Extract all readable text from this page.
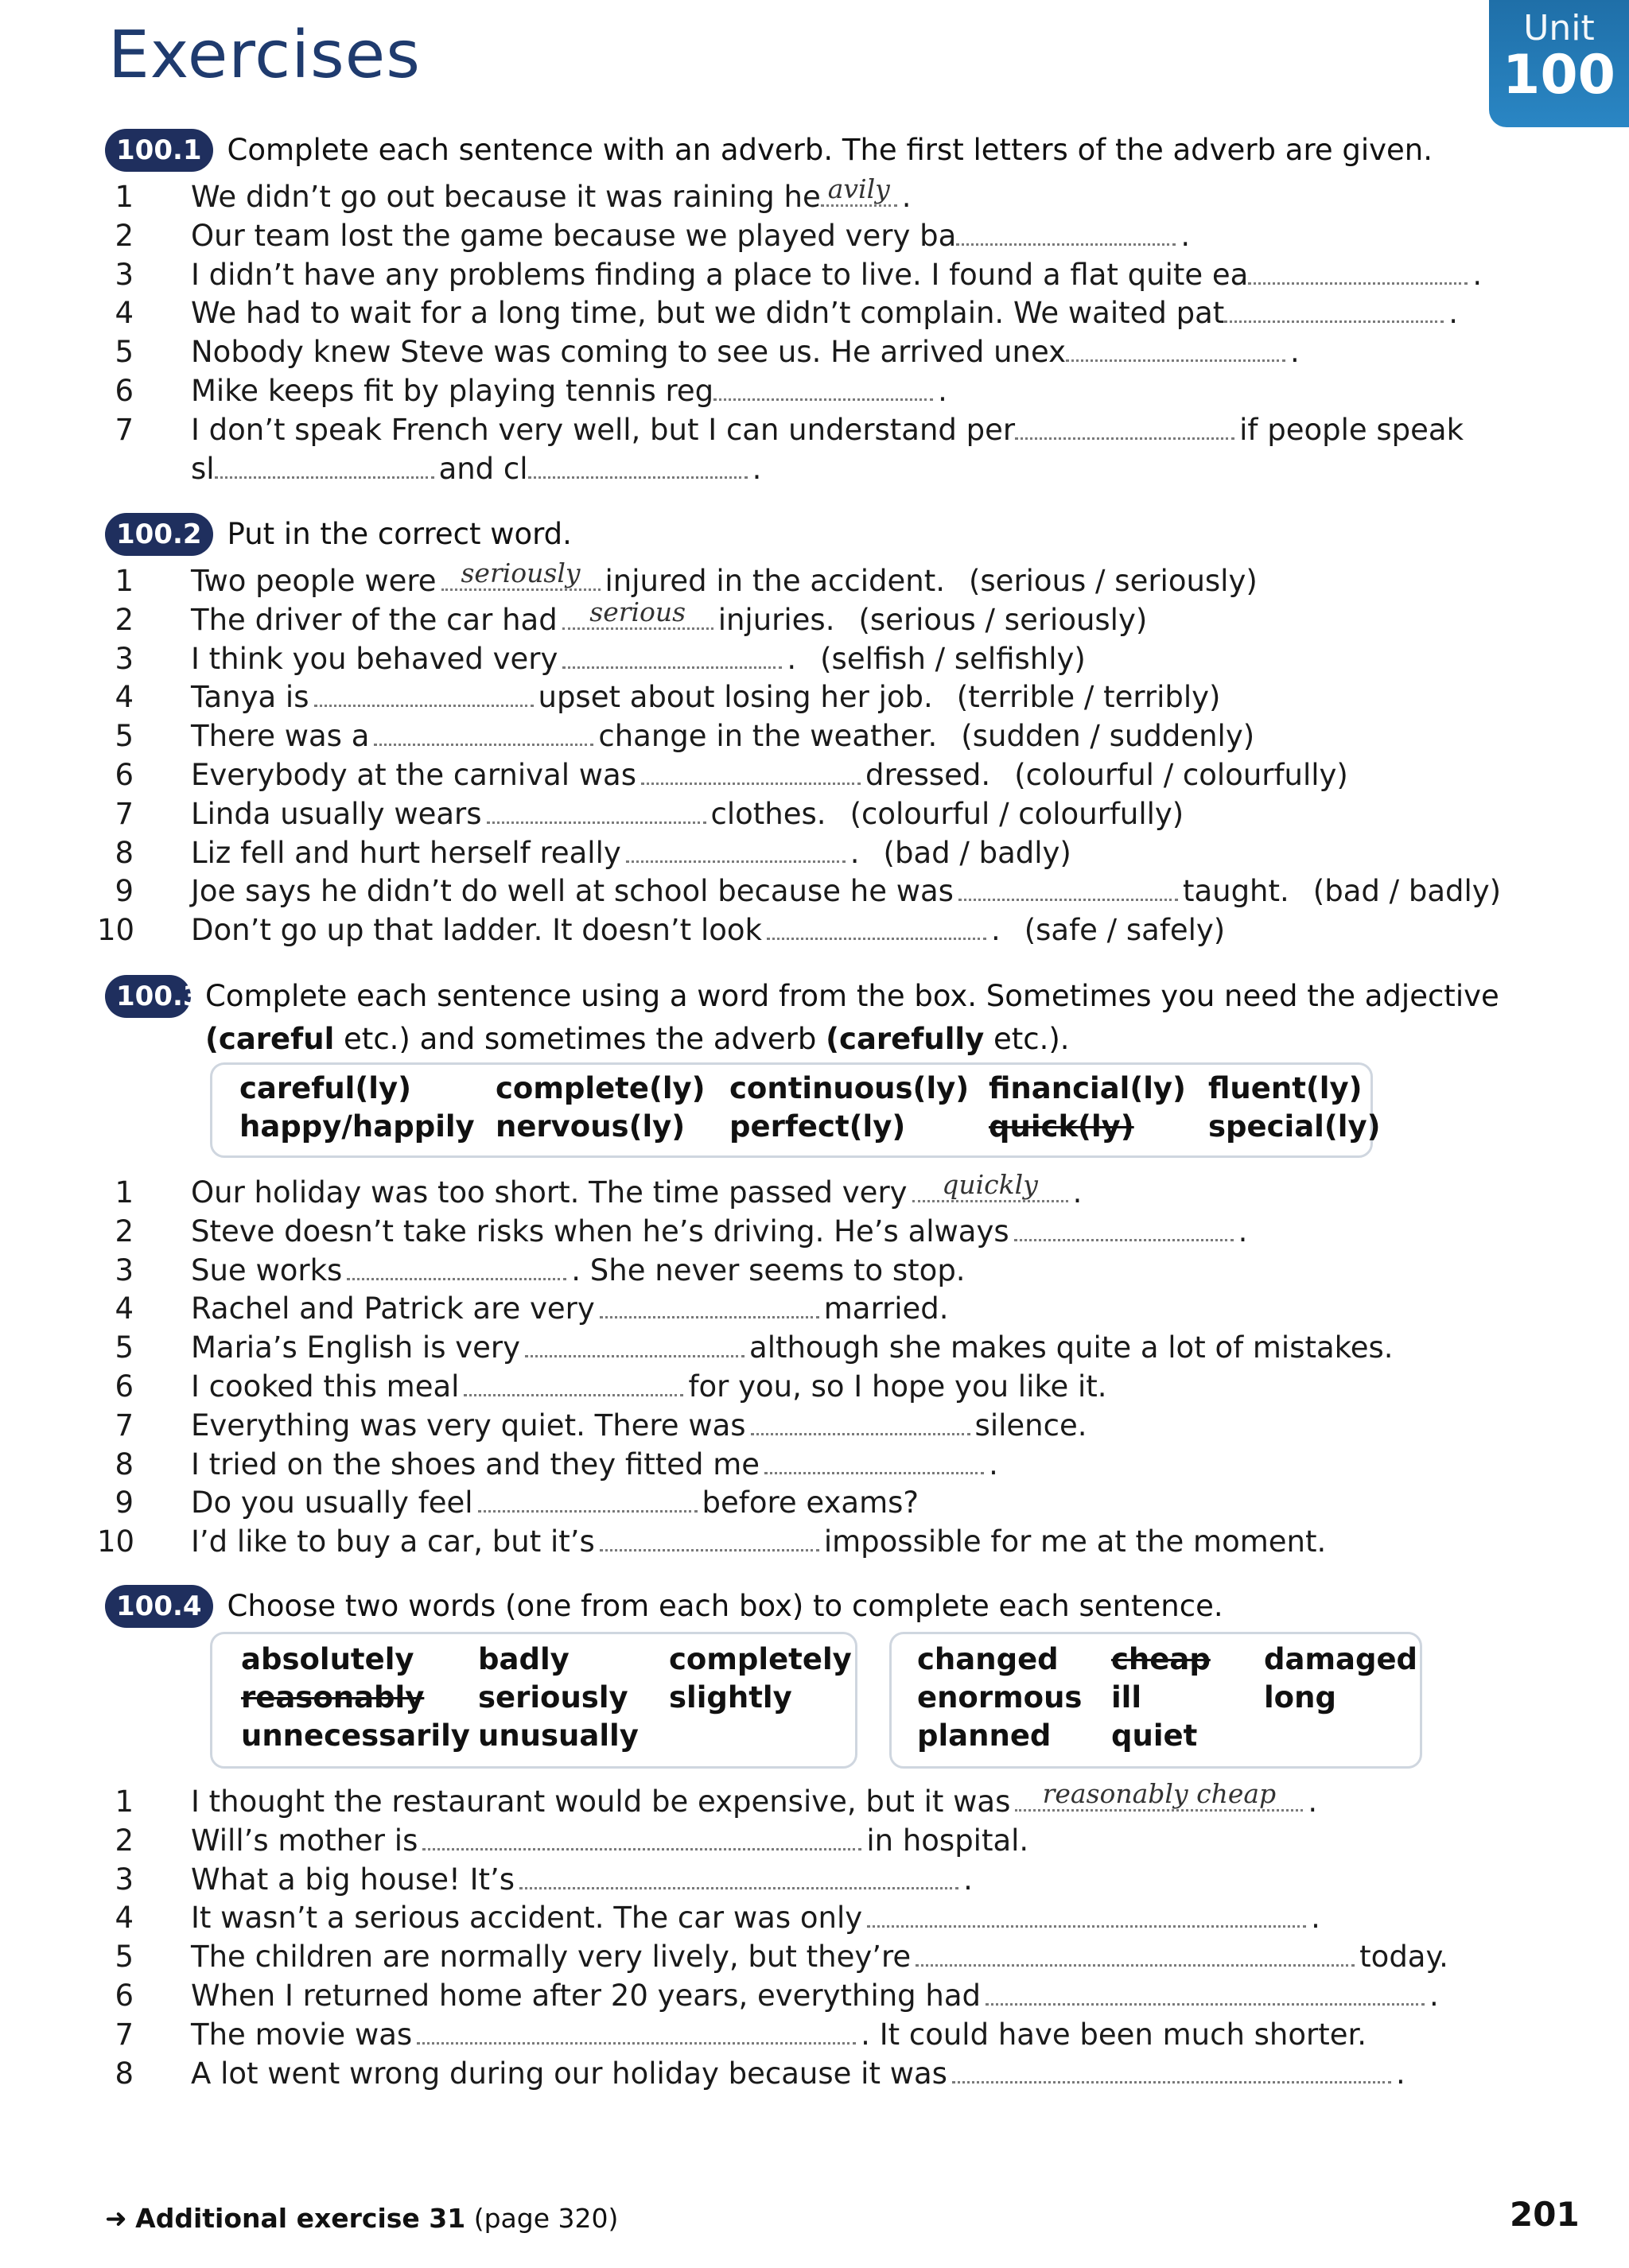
Exercises	Unit
100
100.1 Complete each sentence with an adverb. The first letters of the adverb are given.
1 We didn’t go out because it was raining he avily .
2 Our team lost the game because we played very ba	.
3 I didn’t have any problems finding a place to live. I found a flat quite ea	.
4 We had to wait for a long time, but we didn’t complain. We waited pat	.
5 Nobody knew Steve was coming to see us. He arrived unex	.
6 Mike keeps fit by playing tennis reg	.
7 I don’t speak French very well, but I can understand per	if people speak
sl	and cl	.
100.2 Put in the correct word.
1 Two people were seriously injured in the accident. (serious / seriously)
2 The driver of the car had	serious	injuries. (serious / seriously)
3 I think you behaved very	. (selfish / selfishly)
4 Tanya is	upset about losing her job. (terrible / terribly)
5 There was a	change in the weather. (sudden / suddenly)
6 Everybody at the carnival was	dressed. (colourful / colourfully)
7 Linda usually wears	clothes. (colourful / colourfully)
8 Liz fell and hurt herself really	. (bad / badly)
9 Joe says he didn’t do well at school because he was	taught. (bad / badly)
10 Don’t go up that ladder. It doesn’t look	. (safe / safely)
100.3 Complete each sentence using a word from the box. Sometimes you need the adjective (careful etc.) and sometimes the adverb (carefully etc.).
careful(ly)	complete(ly) continuous(ly) financial(ly) fluent(ly)
happy/happily nervous(ly) perfect(ly)	quick(ly)	special(ly)
1 Our holiday was too short. The time passed very	quickly	.
2 Steve doesn’t take risks when he’s driving. He’s always	.
3 Sue works	. She never seems to stop.
4 Rachel and Patrick are very	married.
5 Maria’s English is very	although she makes quite a lot of mistakes.
6 I cooked this meal	for you, so I hope you like it.
7 Everything was very quiet. There was	silence.
8 I tried on the shoes and they fitted me	.
9 Do you usually feel	before exams?
10 I’d like to buy a car, but it’s	impossible for me at the moment.
100.4 Choose two words (one from each box) to complete each sentence.
absolutely badly	completely
reasonably seriously slightly
unnecessarily unusually
changed cheap damaged
enormous ill	long
planned quiet
1 I thought the restaurant would be expensive, but it was	reasonably cheap	.
2 Will’s mother is	in hospital.
3 What a big house! It’s	.
4 It wasn’t a serious accident. The car was only	.
5 The children are normally very lively, but they’re	today.
6 When I returned home after 20 years, everything had	.
7 The movie was	. It could have been much shorter.
8 A lot went wrong during our holiday because it was	.
➜ Additional exercise 31 (page 320)	201
